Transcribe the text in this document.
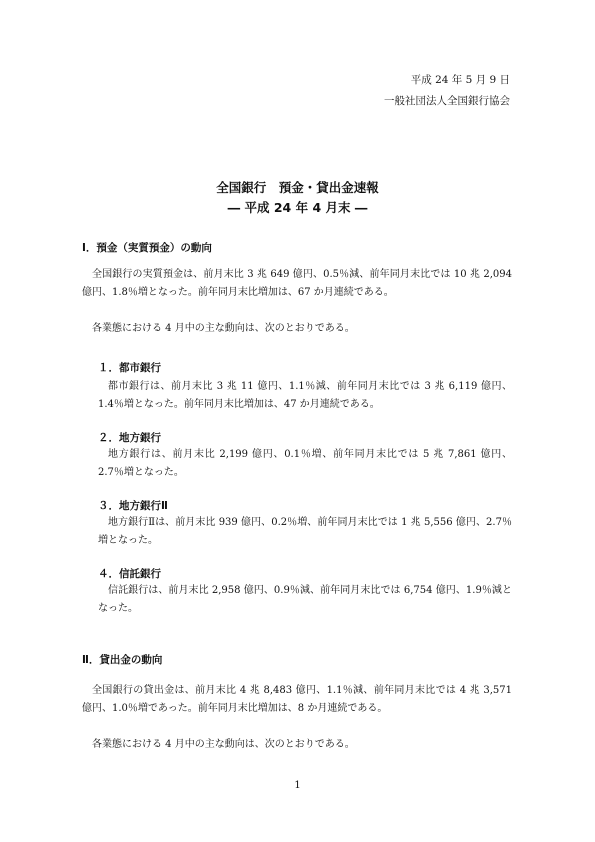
平成 24 年 5 月 9 日
一般社団法人全国銀行協会
全国銀行　預金・貸出金速報
― 平成 24 年 4 月末 ―
Ⅰ．預金（実質預金）の動向

全国銀行の実質預金は、前月末比 3 兆 649 億円、0.5％減、前年同月末比では 10 兆 2,094 億円、1.8％増となった。前年同月末比増加は、67 か月連続である。

各業態における 4 月中の主な動向は、次のとおりである。

１．都市銀行

都市銀行は、前月末比 3 兆 11 億円、1.1％減、前年同月末比では 3 兆 6,119 億円、1.4％増となった。前年同月末比増加は、47 か月連続である。

２．地方銀行

地方銀行は、前月末比 2,199 億円、0.1％増、前年同月末比では 5 兆 7,861 億円、2.7％増となった。

３．地方銀行Ⅱ

地方銀行Ⅱは、前月末比 939 億円、0.2％増、前年同月末比では 1 兆 5,556 億円、2.7％増となった。

４．信託銀行

信託銀行は、前月末比 2,958 億円、0.9％減、前年同月末比では 6,754 億円、1.9％減となった。

Ⅱ．貸出金の動向

全国銀行の貸出金は、前月末比 4 兆 8,483 億円、1.1％減、前年同月末比では 4 兆 3,571 億円、1.0％増であった。前年同月末比増加は、8 か月連続である。

各業態における 4 月中の主な動向は、次のとおりである。

1
